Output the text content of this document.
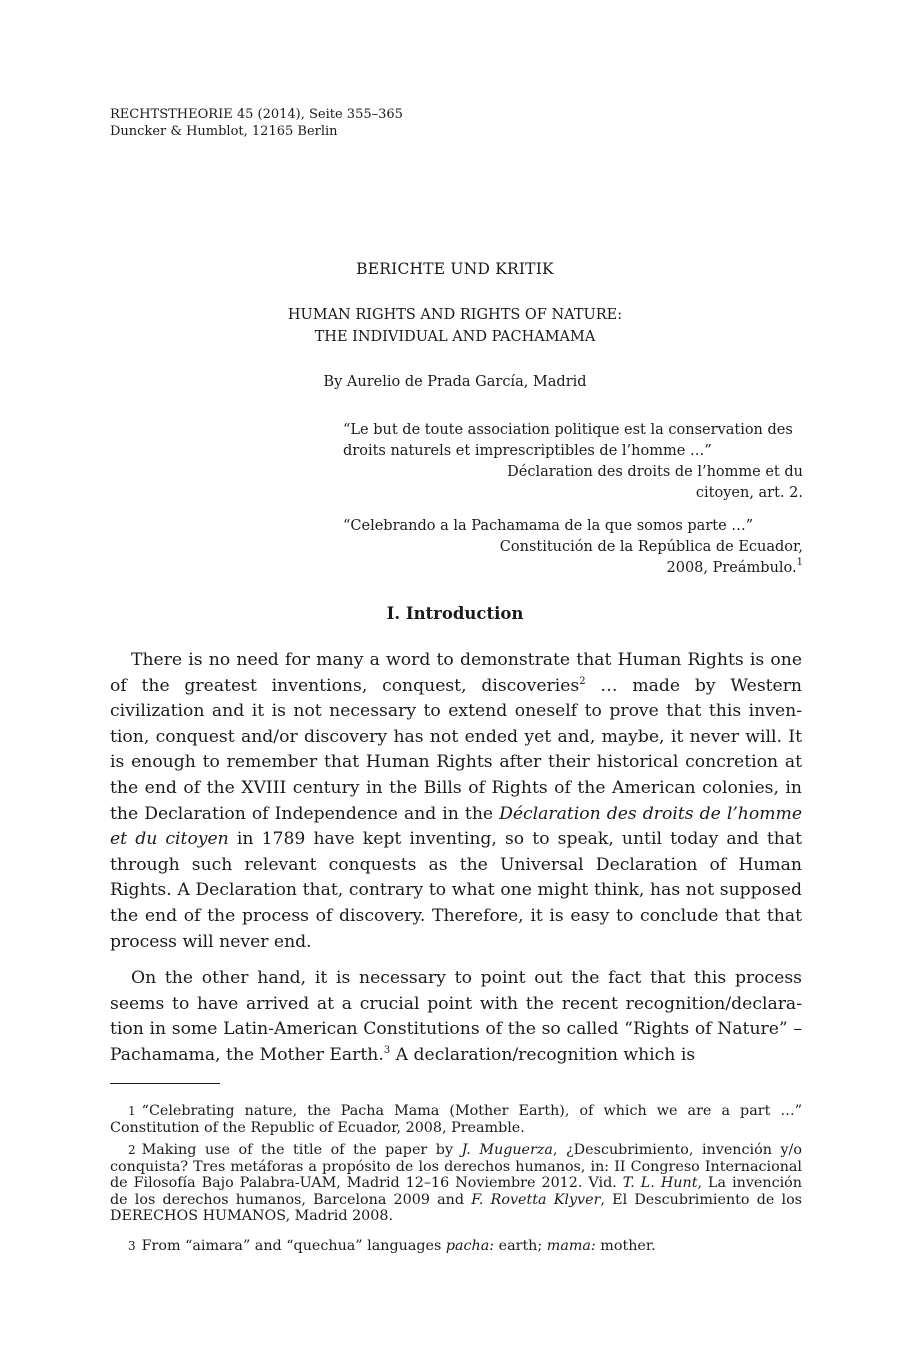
RECHTSTHEORIE 45 (2014), Seite 355–365
Duncker & Humblot, 12165 Berlin
BERICHTE UND KRITIK
HUMAN RIGHTS AND RIGHTS OF NATURE:
THE INDIVIDUAL AND PACHAMAMA
By Aurelio de Prada García, Madrid
“Le but de toute association politique est la conservation des droits naturels et imprescriptibles de l’homme …”
Déclaration des droits de l’homme et du
citoyen, art. 2.
“Celebrando a la Pachamama de la que somos parte …”
Constitución de la República de Ecuador,
2008, Preámbulo.$^1$
I. Introduction

There is no need for many a word to demonstrate that Human Rights is one of the greatest inventions, conquest, discoveries$^2$ … made by Western civilization and it is not necessary to extend oneself to prove that this invention, conquest and/or discovery has not ended yet and, maybe, it never will. It is enough to remember that Human Rights after their historical concretion at the end of the XVIII century in the Bills of Rights of the American colonies, in the Declaration of Independence and in the Déclaration des droits de l’homme et du citoyen in 1789 have kept inventing, so to speak, until today and that through such relevant conquests as the Universal Declaration of Human Rights. A Declaration that, contrary to what one might think, has not supposed the end of the process of discovery. Therefore, it is easy to conclude that that process will never end.

On the other hand, it is necessary to point out the fact that this process seems to have arrived at a crucial point with the recent recognition/declaration in some Latin-American Constitutions of the so called “Rights of Nature” – Pachamama, the Mother Earth.$^3$ A declaration/recognition which is

1 “Celebrating nature, the Pacha Mama (Mother Earth), of which we are a part …” Constitution of the Republic of Ecuador, 2008, Preamble.

2 Making use of the title of the paper by J. Muguerza, ¿Descubrimiento, invención y/o conquista? Tres metáforas a propósito de los derechos humanos, in: II Congreso Internacional de Filosofía Bajo Palabra-UAM, Madrid 12–16 Noviembre 2012. Vid. T. L. Hunt, La invención de los derechos humanos, Barcelona 2009 and F. Rovetta Klyver, El Descubrimiento de los DERECHOS HUMANOS, Madrid 2008.

3 From “aimara” and “quechua” languages pacha: earth; mama: mother.
